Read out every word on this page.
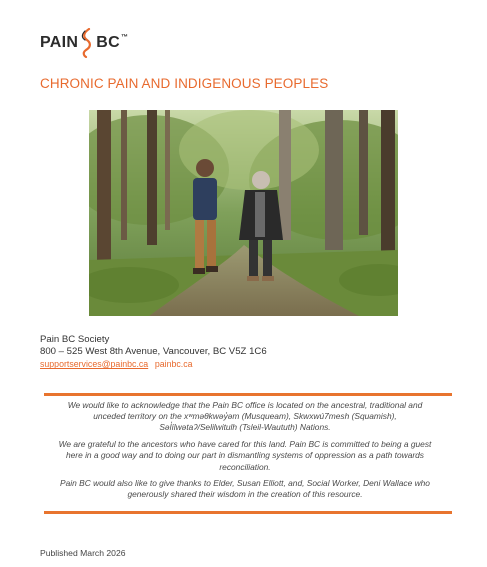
PAIN BC ™
CHRONIC PAIN AND INDIGENOUS PEOPLES
Pain BC Society
800 – 525 West 8th Avenue, Vancouver, BC V5Z 1C6
supportservices@painbc.ca painbc.ca

We would like to acknowledge that the Pain BC office is located on the ancestral, traditional and
unceded territory on the xʷməθkwəy̓əm (Musqueam), Skwxwú7mesh (Squamish),
Səl̓ílwətaʔ/Selilwitulh (Tsleil-Waututh) Nations.

We are grateful to the ancestors who have cared for this land. Pain BC is committed to being a guest
here in a good way and to doing our part in dismantling systems of oppression as a path towards
reconciliation.

Pain BC would also like to give thanks to Elder, Susan Elliott, and, Social Worker, Deni Wallace who
generously shared their wisdom in the creation of this resource.

Published March 2026
